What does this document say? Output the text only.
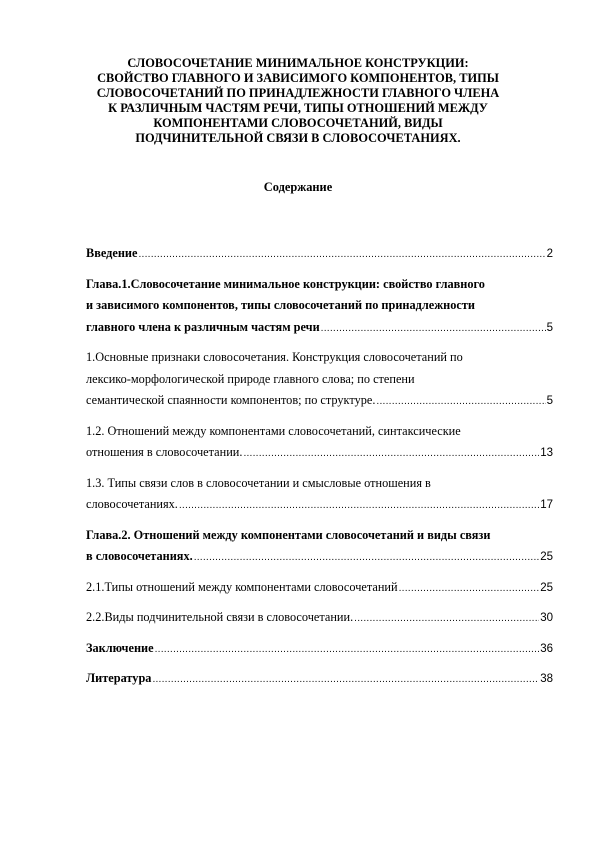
СЛОВОСОЧЕТАНИЕ МИНИМАЛЬНОЕ КОНСТРУКЦИИ:
СВОЙСТВО ГЛАВНОГО И ЗАВИСИМОГО КОМПОНЕНТОВ, ТИПЫ
СЛОВОСОЧЕТАНИЙ ПО ПРИНАДЛЕЖНОСТИ ГЛАВНОГО ЧЛЕНА
К РАЗЛИЧНЫМ ЧАСТЯМ РЕЧИ, ТИПЫ ОТНОШЕНИЙ МЕЖДУ
КОМПОНЕНТАМИ СЛОВОСОЧЕТАНИЙ, ВИДЫ
ПОДЧИНИТЕЛЬНОЙ СВЯЗИ В СЛОВОСОЧЕТАНИЯХ.
Содержание
Введение .....	2
Глава.1.Словосочетание минимальное конструкции: свойство главного
и зависимого компонентов, типы словосочетаний по принадлежности
главного члена к различным частям речи .....	5
1.Основные признаки словосочетания. Конструкция словосочетаний по
лексико-морфологической природе главного слова; по степени
семантической спаянности компонентов; по структуре. .....	5
1.2. Отношений между компонентами словосочетаний, синтаксические
отношения в словосочетании. .....	13
1.3. Типы связи слов в словосочетании и смысловые отношения в
словосочетаниях. .....	17
Глава.2. Отношений между компонентами словосочетаний и виды связи
в словосочетаниях. .....	25
2.1.Типы отношений между компонентами словосочетаний .....	25
2.2.Виды подчинительной связи в словосочетании. .....	30
Заключение .....	36
Литература .....	38
